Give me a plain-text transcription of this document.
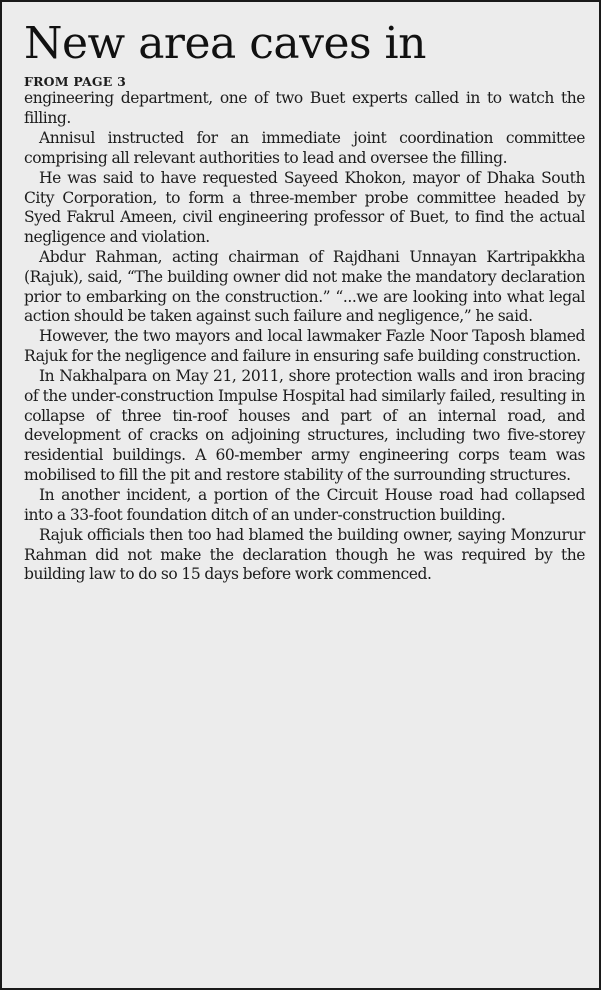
New area caves in
FROM PAGE 3

engineering department, one of two Buet experts called in to watch the filling.

Annisul instructed for an immediate joint coordination committee comprising all relevant authorities to lead and oversee the filling.

He was said to have requested Sayeed Khokon, mayor of Dhaka South City Corporation, to form a three-member probe committee headed by Syed Fakrul Ameen, civil engineering professor of Buet, to find the actual negligence and violation.

Abdur Rahman, acting chairman of Rajdhani Unnayan Kartripakkha (Rajuk), said, “The building owner did not make the mandatory declaration prior to embarking on the construction.” “...we are looking into what legal action should be taken against such failure and negligence,” he said.

However, the two mayors and local lawmaker Fazle Noor Taposh blamed Rajuk for the negligence and failure in ensuring safe building construction.

In Nakhalpara on May 21, 2011, shore protection walls and iron bracing of the under-construction Impulse Hospital had similarly failed, resulting in collapse of three tin-roof houses and part of an internal road, and development of cracks on adjoining structures, including two five-storey residential buildings. A 60-member army engineering corps team was mobilised to fill the pit and restore stability of the surrounding structures.

In another incident, a portion of the Circuit House road had collapsed into a 33-foot foundation ditch of an under-construction building.

Rajuk officials then too had blamed the building owner, saying Monzurur Rahman did not make the declaration though he was required by the building law to do so 15 days before work commenced.
